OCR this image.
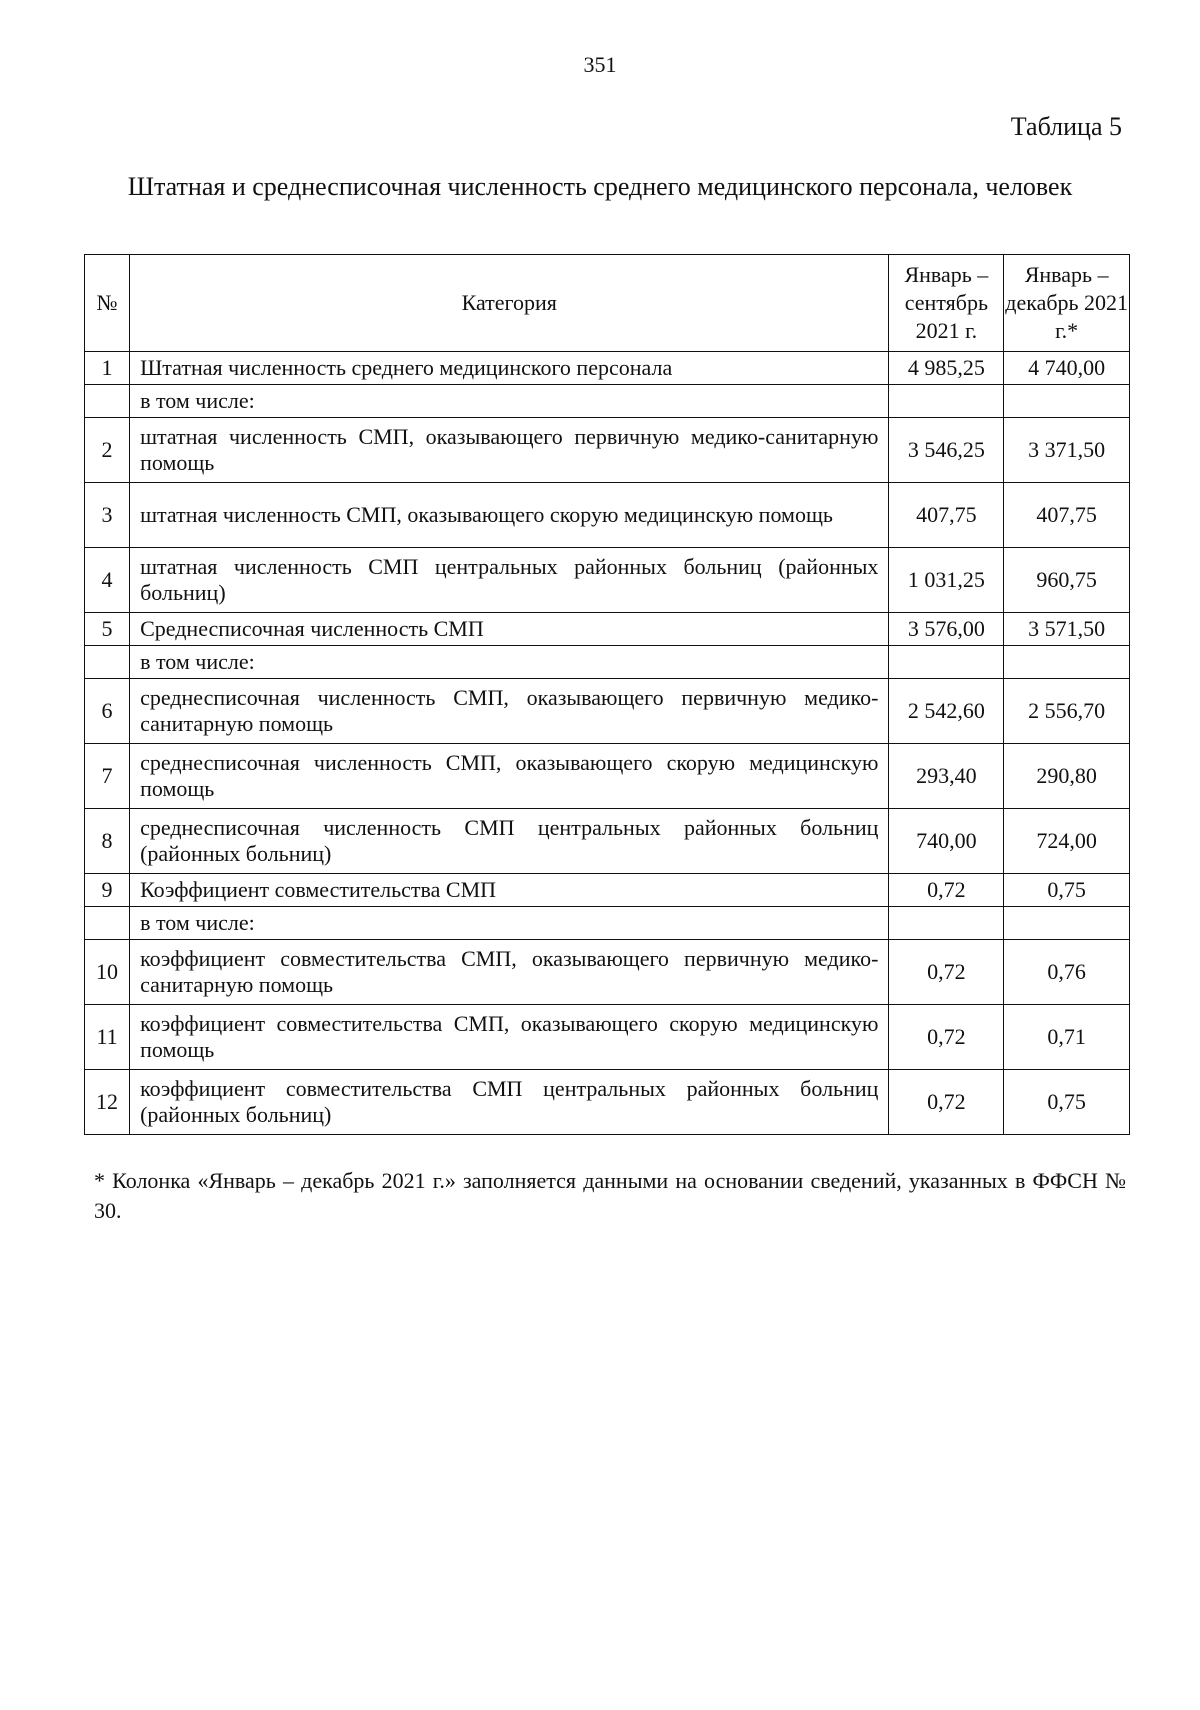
351
Таблица 5
Штатная и среднесписочная численность среднего медицинского персонала, человек
№	Категория	Январь – сентябрь 2021 г.	Январь – декабрь 2021 г.*
1	Штатная численность среднего медицинского персонала	4 985,25	4 740,00
	в том числе:		
2	штатная численность СМП, оказывающего первичную медико-санитарную помощь	3 546,25	3 371,50
3	штатная численность СМП, оказывающего скорую медицинскую помощь	407,75	407,75
4	штатная численность СМП центральных районных больниц (районных больниц)	1 031,25	960,75
5	Среднесписочная численность СМП	3 576,00	3 571,50
	в том числе:		
6	среднесписочная численность СМП, оказывающего первичную медико-санитарную помощь	2 542,60	2 556,70
7	среднесписочная численность СМП, оказывающего скорую медицинскую помощь	293,40	290,80
8	среднесписочная численность СМП центральных районных больниц (районных больниц)	740,00	724,00
9	Коэффициент совместительства СМП	0,72	0,75
	в том числе:		
10	коэффициент совместительства СМП, оказывающего первичную медико-санитарную помощь	0,72	0,76
11	коэффициент совместительства СМП, оказывающего скорую медицинскую помощь	0,72	0,71
12	коэффициент совместительства СМП центральных районных больниц (районных больниц)	0,72	0,75
* Колонка «Январь – декабрь 2021 г.» заполняется данными на основании сведений, указанных в ФФСН № 30.
